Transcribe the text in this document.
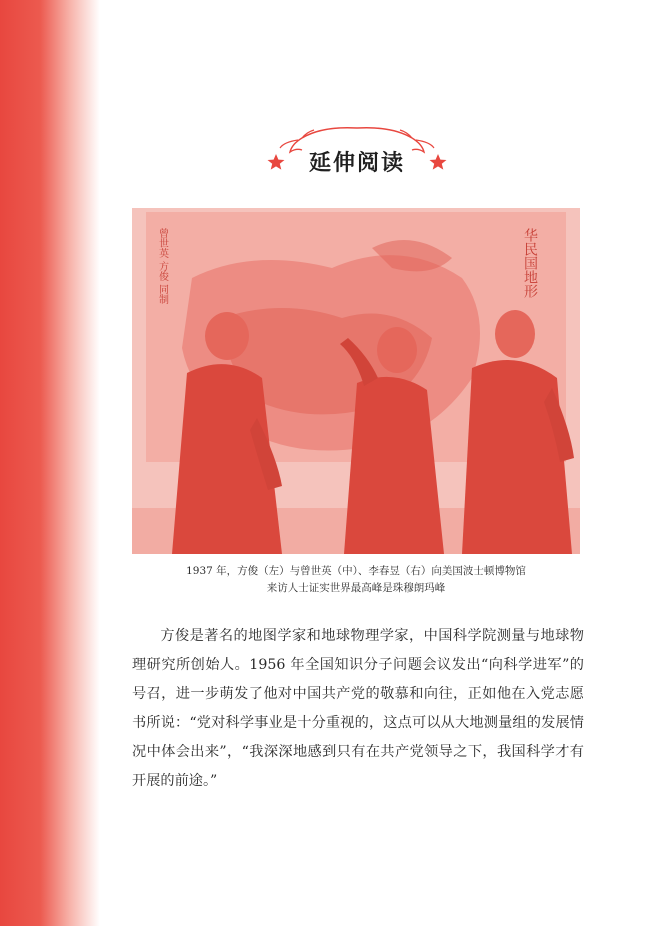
延伸阅读
曾世英 方俊 同制	华民国地形
1937 年，方俊（左）与曾世英（中）、李春昱（右）向美国波士顿博物馆
来访人士证实世界最高峰是珠穆朗玛峰

方俊是著名的地图学家和地球物理学家，中国科学院测量与地球物理研究所创始人。1956 年全国知识分子问题会议发出“向科学进军”的号召，进一步萌发了他对中国共产党的敬慕和向往，正如他在入党志愿书所说：“党对科学事业是十分重视的，这点可以从大地测量组的发展情况中体会出来”，“我深深地感到只有在共产党领导之下，我国科学才有开展的前途。”
